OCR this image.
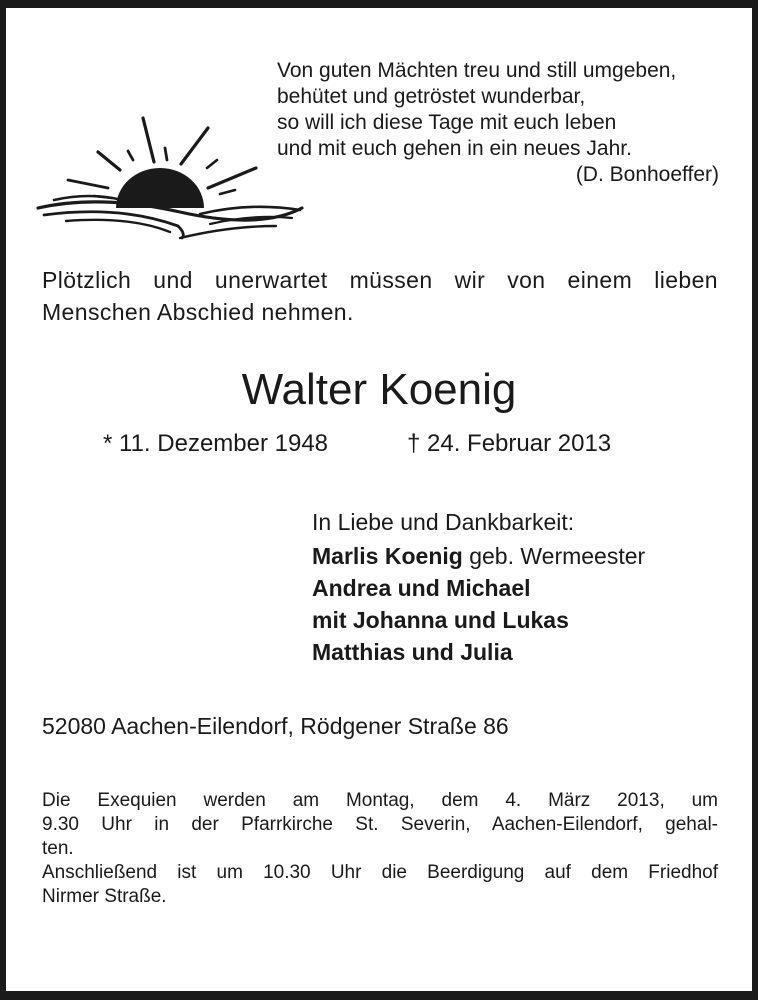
Von guten Mächten treu und still umgeben,
behütet und getröstet wunderbar,
so will ich diese Tage mit euch leben
und mit euch gehen in ein neues Jahr.
(D. Bonhoeffer)
Plötzlich und unerwartet müssen wir von einem lieben
Menschen Abschied nehmen.
Walter Koenig
* 11. Dezember 1948	† 24. Februar 2013
In Liebe und Dankbarkeit:
Marlis Koenig geb. Wermeester
Andrea und Michael
mit Johanna und Lukas
Matthias und Julia
52080 Aachen-Eilendorf, Rödgener Straße 86
Die Exequien werden am Montag, dem 4. März 2013, um
9.30 Uhr in der Pfarrkirche St. Severin, Aachen-Eilendorf, gehal-
ten.
Anschließend ist um 10.30 Uhr die Beerdigung auf dem Friedhof
Nirmer Straße.
